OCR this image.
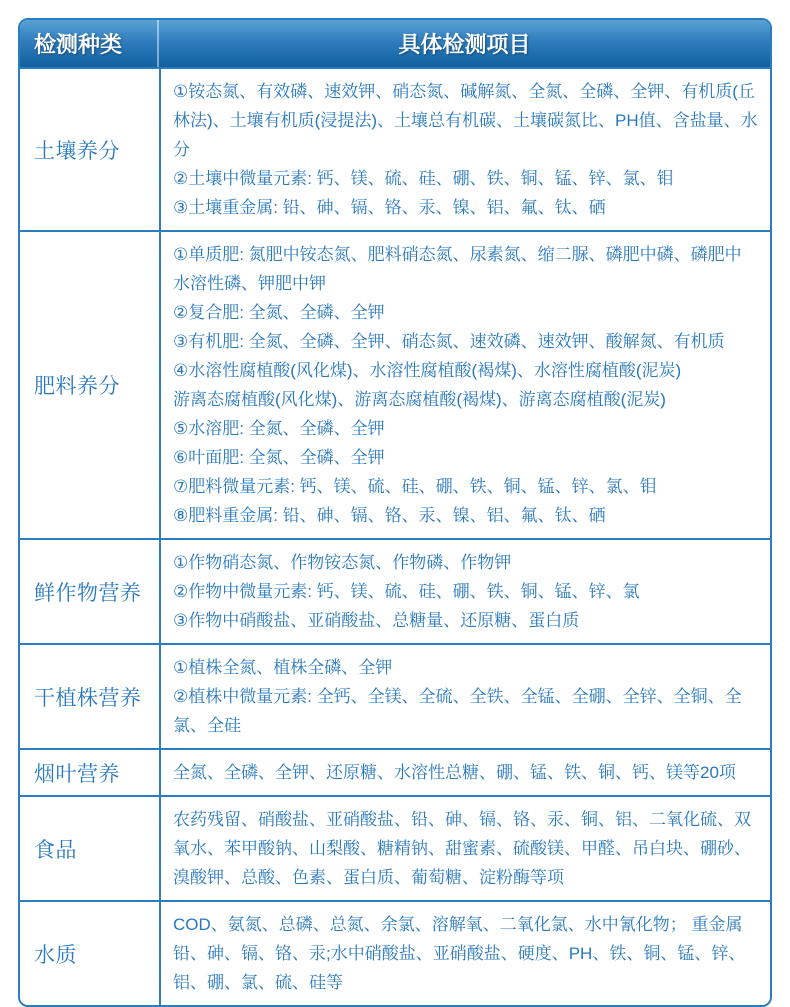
检测种类	具体检测项目
土壤养分
①铵态氮、有效磷、速效钾、硝态氮、碱解氮、全氮、全磷、全钾、有机质(丘林法)、土壤有机质(浸提法)、土壤总有机碳、土壤碳氮比、PH值、含盐量、水分
②土壤中微量元素: 钙、镁、硫、硅、硼、铁、铜、锰、锌、氯、钼
③土壤重金属: 铅、砷、镉、铬、汞、镍、铝、氟、钛、硒
肥料养分
①单质肥: 氮肥中铵态氮、肥料硝态氮、尿素氮、缩二脲、磷肥中磷、磷肥中水溶性磷、钾肥中钾
②复合肥: 全氮、全磷、全钾
③有机肥: 全氮、全磷、全钾、硝态氮、速效磷、速效钾、酸解氮、有机质
④水溶性腐植酸(风化煤)、水溶性腐植酸(褐煤)、水溶性腐植酸(泥炭)
游离态腐植酸(风化煤)、游离态腐植酸(褐煤)、游离态腐植酸(泥炭)
⑤水溶肥: 全氮、全磷、全钾
⑥叶面肥: 全氮、全磷、全钾
⑦肥料微量元素: 钙、镁、硫、硅、硼、铁、铜、锰、锌、氯、钼
⑧肥料重金属: 铅、砷、镉、铬、汞、镍、铝、氟、钛、硒
鲜作物营养
①作物硝态氮、作物铵态氮、作物磷、作物钾
②作物中微量元素: 钙、镁、硫、硅、硼、铁、铜、锰、锌、氯
③作物中硝酸盐、亚硝酸盐、总糖量、还原糖、蛋白质
干植株营养
①植株全氮、植株全磷、全钾
②植株中微量元素: 全钙、全镁、全硫、全铁、全锰、全硼、全锌、全铜、全氯、全硅
烟叶营养	全氮、全磷、全钾、还原糖、水溶性总糖、硼、锰、铁、铜、钙、镁等20项
食品
农药残留、硝酸盐、亚硝酸盐、铅、砷、镉、铬、汞、铜、铝、二氧化硫、双氧水、苯甲酸钠、山梨酸、糖精钠、甜蜜素、硫酸镁、甲醛、吊白块、硼砂、溴酸钾、总酸、色素、蛋白质、葡萄糖、淀粉酶等项
水质
COD、氨氮、总磷、总氮、余氯、溶解氧、二氧化氯、水中氰化物； 重金属铅、砷、镉、铬、汞;水中硝酸盐、亚硝酸盐、硬度、PH、铁、铜、锰、锌、铝、硼、氯、硫、硅等
